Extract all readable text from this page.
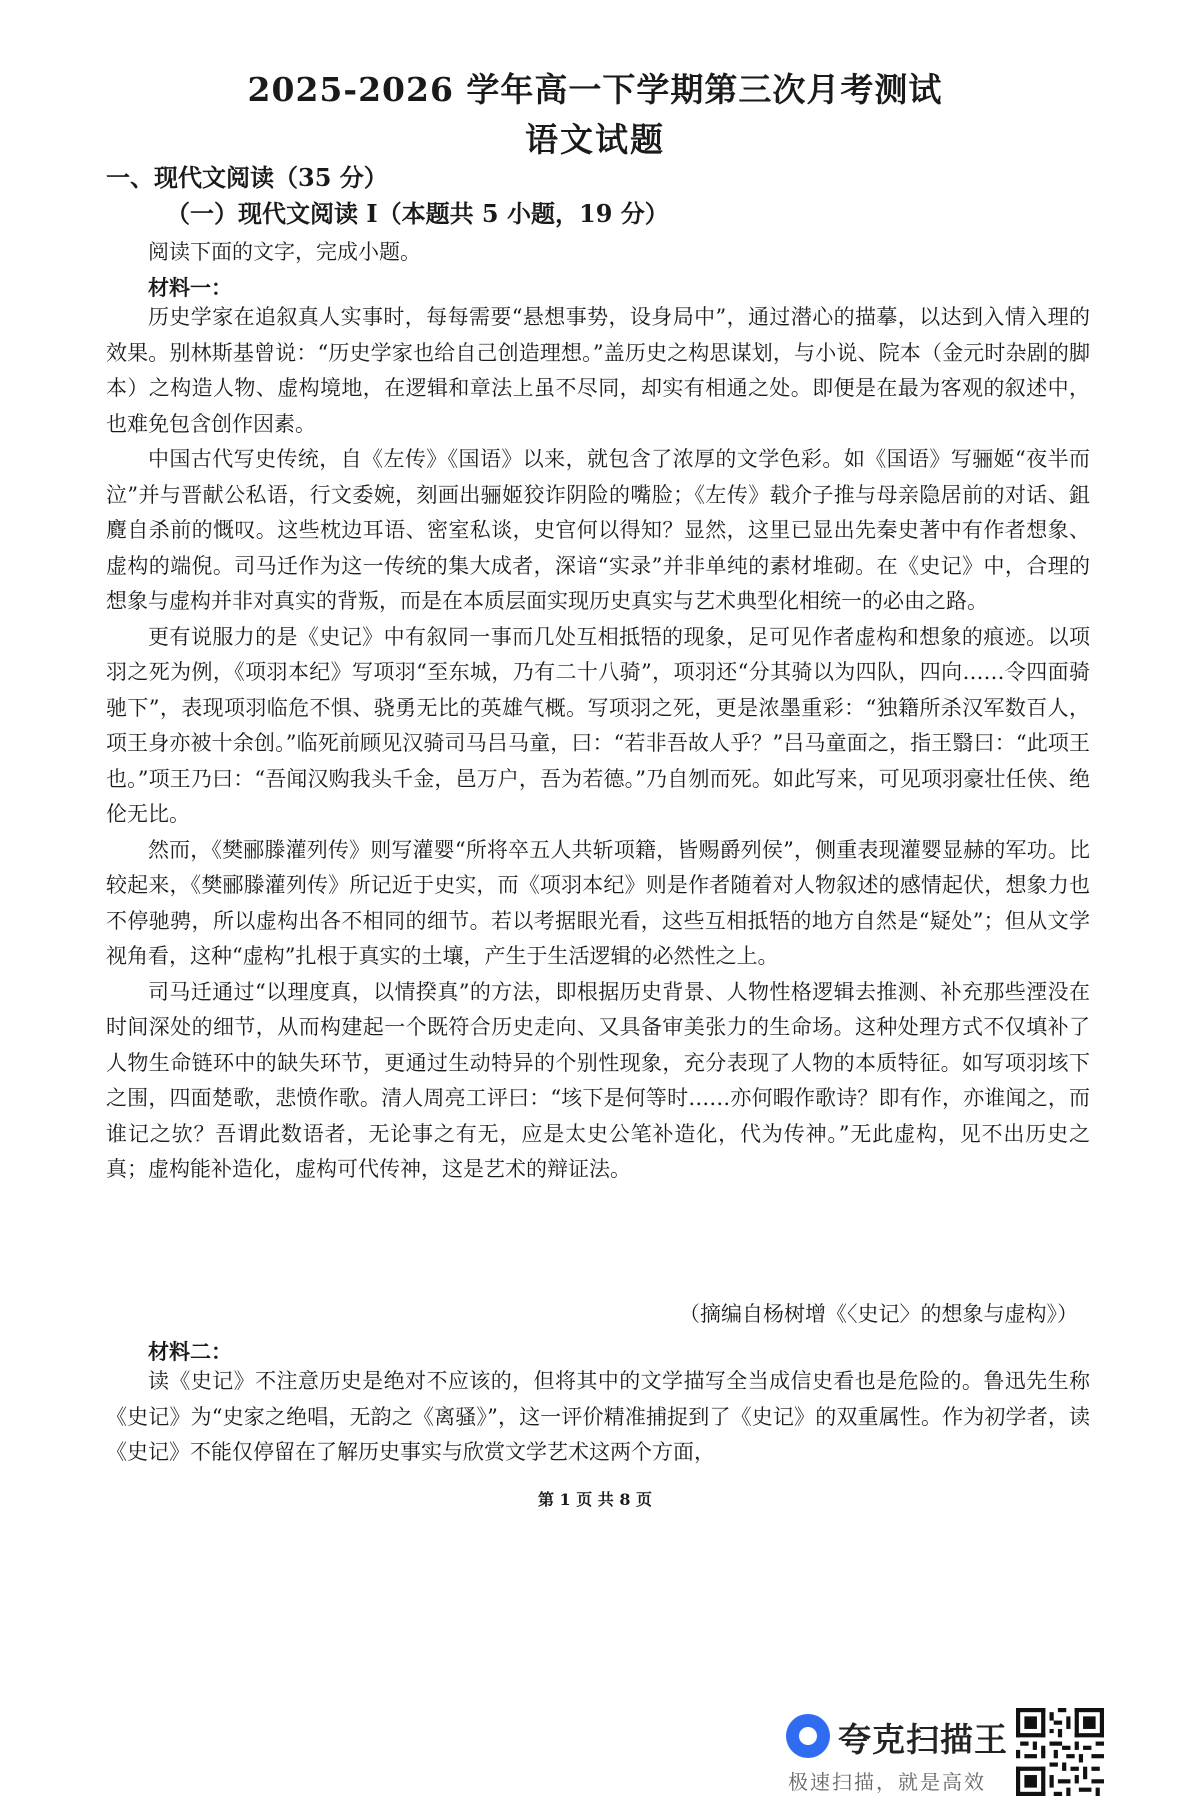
2025-2026 学年高一下学期第三次月考测试
语文试题
一、现代文阅读（35 分）
（一）现代文阅读 I（本题共 5 小题，19 分）
阅读下面的文字，完成小题。
材料一：

历史学家在追叙真人实事时，每每需要“悬想事势，设身局中”，通过潜心的描摹，以达到入情入理的效果。别林斯基曾说：“历史学家也给自己创造理想。”盖历史之构思谋划，与小说、院本（金元时杂剧的脚本）之构造人物、虚构境地，在逻辑和章法上虽不尽同，却实有相通之处。即便是在最为客观的叙述中，也难免包含创作因素。

中国古代写史传统，自《左传》《国语》以来，就包含了浓厚的文学色彩。如《国语》写骊姬“夜半而泣”并与晋献公私语，行文委婉，刻画出骊姬狡诈阴险的嘴脸；《左传》载介子推与母亲隐居前的对话、鉏麑自杀前的慨叹。这些枕边耳语、密室私谈，史官何以得知？显然，这里已显出先秦史著中有作者想象、虚构的端倪。司马迁作为这一传统的集大成者，深谙“实录”并非单纯的素材堆砌。在《史记》中，合理的想象与虚构并非对真实的背叛，而是在本质层面实现历史真实与艺术典型化相统一的必由之路。

更有说服力的是《史记》中有叙同一事而几处互相抵牾的现象，足可见作者虚构和想象的痕迹。以项羽之死为例，《项羽本纪》写项羽“至东城，乃有二十八骑”，项羽还“分其骑以为四队，四向……令四面骑驰下”，表现项羽临危不惧、骁勇无比的英雄气概。写项羽之死，更是浓墨重彩：“独籍所杀汉军数百人，项王身亦被十余创。”临死前顾见汉骑司马吕马童，曰：“若非吾故人乎？”吕马童面之，指王翳曰：“此项王也。”项王乃曰：“吾闻汉购我头千金，邑万户，吾为若德。”乃自刎而死。如此写来，可见项羽豪壮任侠、绝伦无比。

然而，《樊郦滕灌列传》则写灌婴“所将卒五人共斩项籍，皆赐爵列侯”，侧重表现灌婴显赫的军功。比较起来，《樊郦滕灌列传》所记近于史实，而《项羽本纪》则是作者随着对人物叙述的感情起伏，想象力也不停驰骋，所以虚构出各不相同的细节。若以考据眼光看，这些互相抵牾的地方自然是“疑处”；但从文学视角看，这种“虚构”扎根于真实的土壤，产生于生活逻辑的必然性之上。

司马迁通过“以理度真，以情揆真”的方法，即根据历史背景、人物性格逻辑去推测、补充那些湮没在时间深处的细节，从而构建起一个既符合历史走向、又具备审美张力的生命场。这种处理方式不仅填补了人物生命链环中的缺失环节，更通过生动特异的个别性现象，充分表现了人物的本质特征。如写项羽垓下之围，四面楚歌，悲愤作歌。清人周亮工评曰：“垓下是何等时……亦何暇作歌诗？即有作，亦谁闻之，而谁记之欤？吾谓此数语者，无论事之有无，应是太史公笔补造化，代为传神。”无此虚构，见不出历史之真；虚构能补造化，虚构可代传神，这是艺术的辩证法。

（摘编自杨树增《〈史记〉的想象与虚构》）
材料二：

读《史记》不注意历史是绝对不应该的，但将其中的文学描写全当成信史看也是危险的。鲁迅先生称《史记》为“史家之绝唱，无韵之《离骚》”，这一评价精准捕捉到了《史记》的双重属性。作为初学者，读《史记》不能仅停留在了解历史事实与欣赏文学艺术这两个方面，

第 1 页 共 8 页
夸克扫描王
极速扫描，就是高效
